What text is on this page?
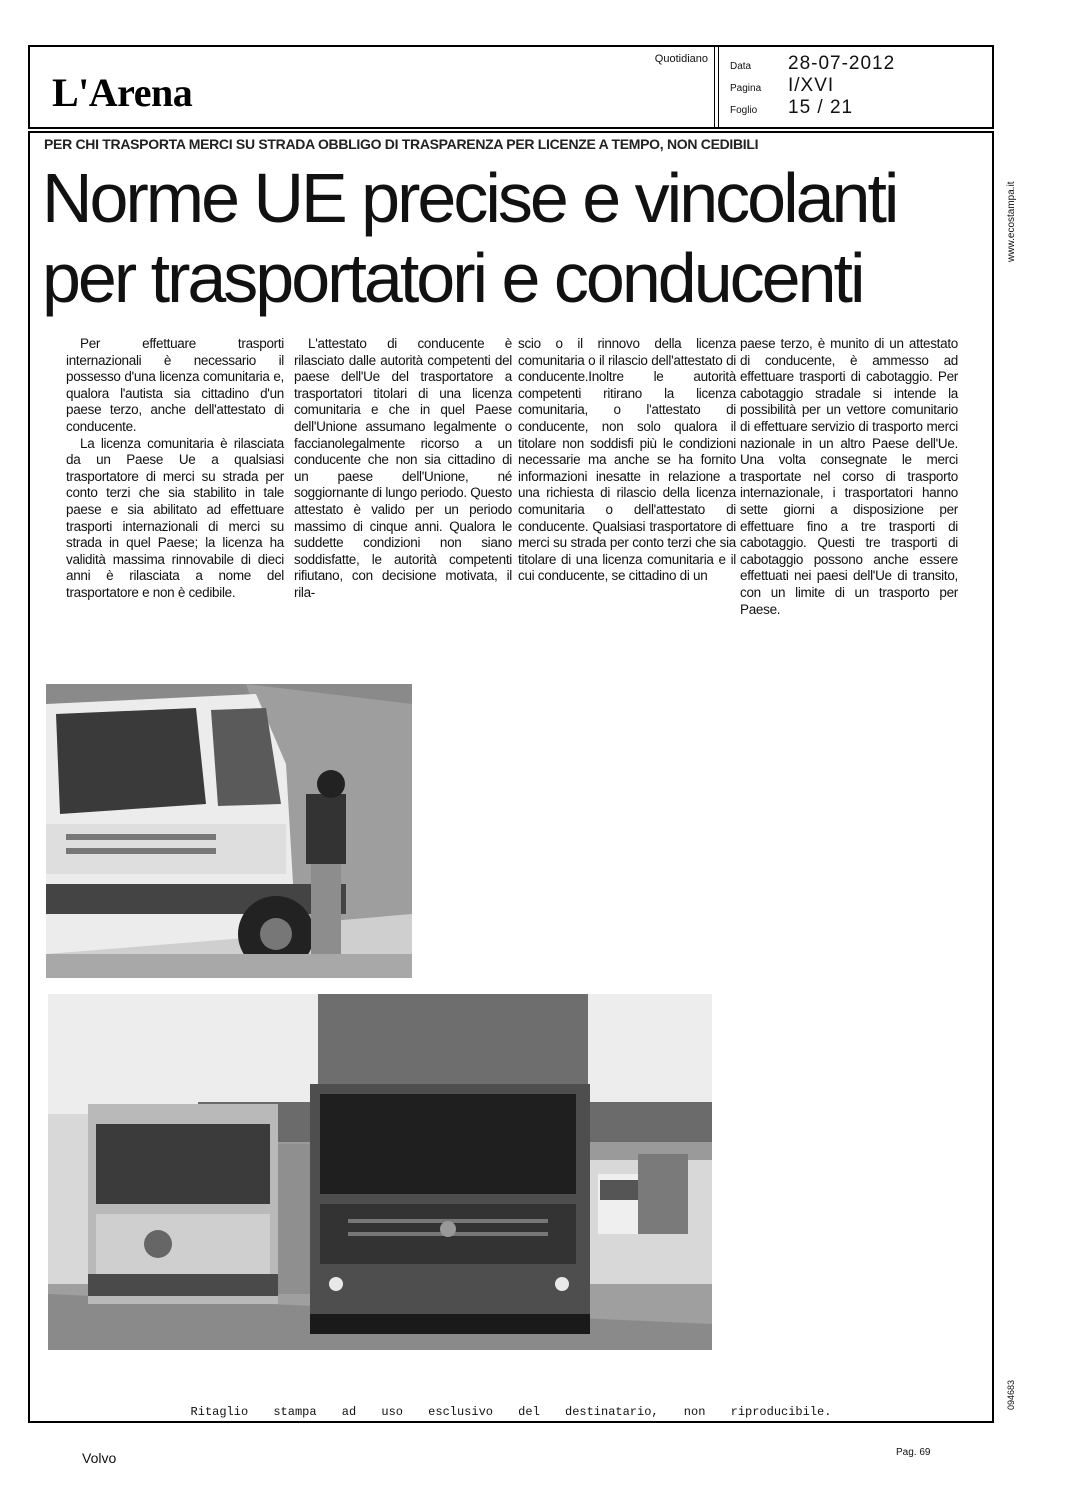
L'Arena
Quotidiano
Data	28-07-2012
Pagina	I/XVI
Foglio	15 / 21
PER CHI TRASPORTA MERCI SU STRADA OBBLIGO DI TRASPARENZA PER LICENZE A TEMPO, NON CEDIBILI
Norme UE precise e vincolanti per trasportatori e conducenti
www.ecostampa.it
094683

Per effettuare trasporti internazionali è necessario il possesso d'una licenza comunitaria e, qualora l'autista sia cittadino d'un paese terzo, anche dell'attestato di conducente.

La licenza comunitaria è rilasciata da un Paese Ue a qualsiasi trasportatore di merci su strada per conto terzi che sia stabilito in tale paese e sia abilitato ad effettuare trasporti internazionali di merci su strada in quel Paese; la licenza ha validità massima rinnovabile di dieci anni è rilasciata a nome del trasportatore e non è cedibile.

L'attestato di conducente è rilasciato dalle autorità competenti del paese dell'Ue del trasportatore a trasportatori titolari di una licenza comunitaria e che in quel Paese dell'Unione assumano legalmente o faccianolegalmente ricorso a un conducente che non sia cittadino di un paese dell'Unione, né soggiornante di lungo periodo. Questo attestato è valido per un periodo massimo di cinque anni. Qualora le suddette condizioni non siano soddisfatte, le autorità competenti rifiutano, con decisione motivata, il rila-

scio o il rinnovo della licenza comunitaria o il rilascio dell'attestato di conducente.Inoltre le autorità competenti ritirano la licenza comunitaria, o l'attestato di conducente, non solo qualora il titolare non soddisfi più le condizioni necessarie ma anche se ha fornito informazioni inesatte in relazione a una richiesta di rilascio della licenza comunitaria o dell'attestato di conducente. Qualsiasi trasportatore di merci su strada per conto terzi che sia titolare di una licenza comunitaria e il cui conducente, se cittadino di un

paese terzo, è munito di un attestato di conducente, è ammesso ad effettuare trasporti di cabotaggio. Per cabotaggio stradale si intende la possibilità per un vettore comunitario di effettuare servizio di trasporto merci nazionale in un altro Paese dell'Ue. Una volta consegnate le merci trasportate nel corso di trasporto internazionale, i trasportatori hanno sette giorni a disposizione per effettuare fino a tre trasporti di cabotaggio. Questi tre trasporti di cabotaggio possono anche essere effettuati nei paesi dell'Ue di transito, con un limite di un trasporto per Paese.

Ritaglio stampa ad uso esclusivo del destinatario, non riproducibile.
Volvo	Pag. 69
